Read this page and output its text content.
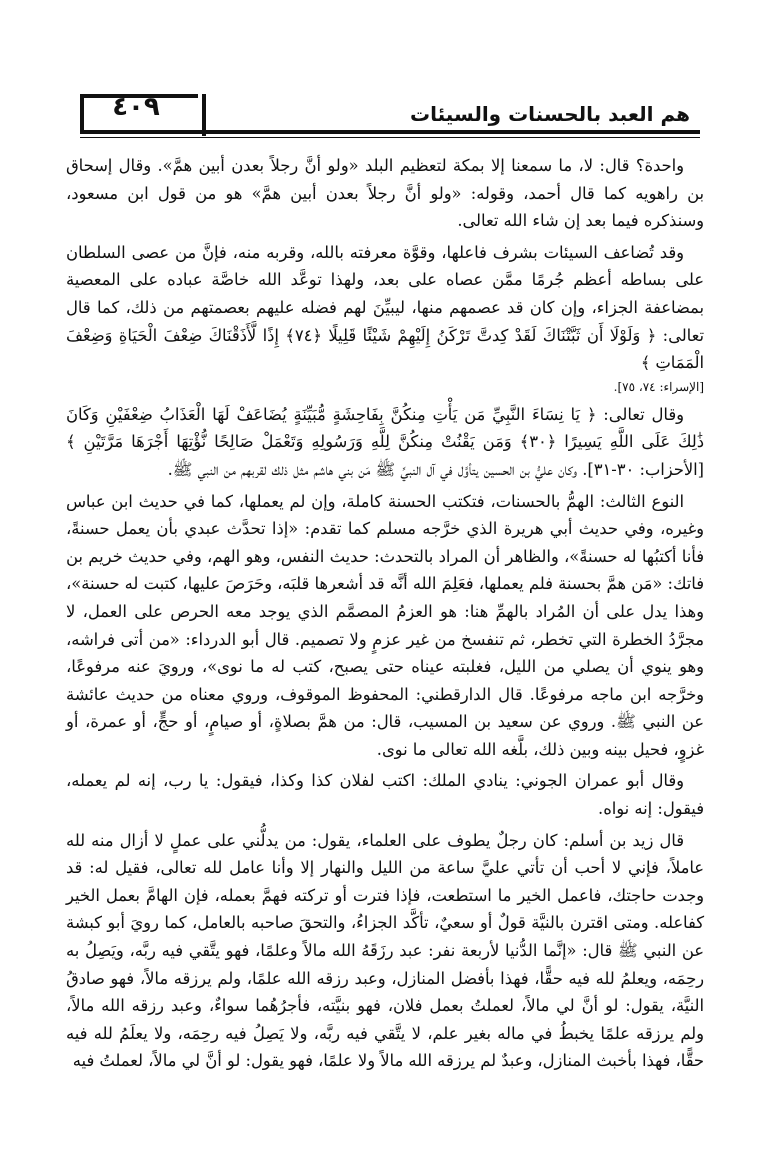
٤٠٩	هم العبد بالحسنات والسيئات

واحدة؟ قال: لا، ما سمعنا إلا بمكة لتعظيم البلد «ولو أنَّ رجلاً بعدن أبين همَّ». وقال إسحاق بن راهويه كما قال أحمد، وقوله: «ولو أنَّ رجلاً بعدن أبين همَّ» هو من قول ابن مسعود، وسنذكره فيما بعد إن شاء الله تعالى.

وقد تُضاعف السيئات بشرف فاعلها، وقوَّة معرفته بالله، وقربه منه، فإنَّ من عصى السلطان على بساطه أعظم جُرمًا ممَّن عصاه على بعد، ولهذا توعَّد الله خاصَّة عباده على المعصية بمضاعفة الجزاء، وإن كان قد عصمهم منها، ليبيِّنَ لهم فضله عليهم بعصمتهم من ذلك، كما قال تعالى: ﴿ وَلَوْلَا أَن ثَبَّتْنَاكَ لَقَدْ كِدتَّ تَرْكَنُ إِلَيْهِمْ شَيْئًا قَلِيلًا ﴿٧٤﴾ إِذًا لَّأَذَقْنَاكَ ضِعْفَ الْحَيَاةِ وَضِعْفَ الْمَمَاتِ ﴾

[الإسراء: ٧٤، ٧٥].

وقال تعالى: ﴿ يَا نِسَاءَ النَّبِيِّ مَن يَأْتِ مِنكُنَّ بِفَاحِشَةٍ مُّبَيِّنَةٍ يُضَاعَفْ لَهَا الْعَذَابُ ضِعْفَيْنِ وَكَانَ ذَٰلِكَ عَلَى اللَّهِ يَسِيرًا ﴿٣٠﴾ وَمَن يَقْنُتْ مِنكُنَّ لِلَّهِ وَرَسُولِهِ وَتَعْمَلْ صَالِحًا نُّؤْتِهَا أَجْرَهَا مَرَّتَيْنِ ﴾ [الأحزاب: ٣٠-٣١]. وكان عليُّ بن الحسين يتأوَّل في آل النبيِّ ﷺ مَن بني هاشم مثل ذلك لقربهم من النبي ﷺ.

النوع الثالث: الهمُّ بالحسنات، فتكتب الحسنة كاملة، وإن لم يعملها، كما في حديث ابن عباس وغيره، وفي حديث أبي هريرة الذي خرَّجه مسلم كما تقدم: «إذا تحدَّث عبدي بأن يعمل حسنةً، فأنا أكتبُها له حسنةً»، والظاهر أن المراد بالتحدث: حديث النفس، وهو الهم، وفي حديث خريم بن فاتك: «مَن همَّ بحسنة فلم يعملها، فعَلِمَ الله أنَّه قد أشعرها قلبَه، وحَرَصَ عليها، كتبت له حسنة»، وهذا يدل على أن المُراد بالهمِّ هنا: هو العزمُ المصمَّم الذي يوجد معه الحرص على العمل، لا مجرَّدُ الخطرة التي تخطر، ثم تنفسخ من غير عزمٍ ولا تصميم. قال أبو الدرداء: «من أتى فراشه، وهو ينوي أن يصلي من الليل، فغلبته عيناه حتى يصبح، كتب له ما نوى»، ورويَ عنه مرفوعًا، وخرَّجه ابن ماجه مرفوعًا. قال الدارقطني: المحفوظ الموقوف، وروي معناه من حديث عائشة عن النبي ﷺ. وروي عن سعيد بن المسيب، قال: من همَّ بصلاةٍ، أو صيامٍ، أو حجٍّ، أو عمرة، أو غزوٍ، فحيل بينه وبين ذلك، بلَّغه الله تعالى ما نوى.

وقال أبو عمران الجوني: ينادي الملك: اكتب لفلان كذا وكذا، فيقول: يا رب، إنه لم يعمله، فيقول: إنه نواه.

قال زيد بن أسلم: كان رجلٌ يطوف على العلماء، يقول: من يدلُّني على عملٍ لا أزال منه لله عاملاً، فإني لا أحب أن تأتي عليَّ ساعة من الليل والنهار إلا وأنا عامل لله تعالى، فقيل له: قد وجدت حاجتك، فاعمل الخير ما استطعت، فإذا فترت أو تركته فهمَّ بعمله، فإن الهامَّ بعمل الخير كفاعله. ومتى اقترن بالنيَّة قولٌ أو سعيٌ، تأكَّد الجزاءُ، والتحقَ صاحبه بالعامل، كما رويَ أبو كبشة عن النبي ﷺ قال: «إنَّما الدُّنيا لأربعة نفر: عبد رزَقَهُ الله مالاً وعلمًا، فهو يتَّقي فيه ربَّه، ويَصِلُ به رحِمَه، ويعلمُ لله فيه حقًّا، فهذا بأفضل المنازل، وعبد رزقه الله علمًا، ولم يرزقه مالاً، فهو صادقُ النيَّة، يقول: لو أنَّ لي مالاً، لعملتُ بعمل فلان، فهو بنيَّته، فأجرُهُما سواءٌ، وعبد رزقه الله مالاً، ولم يرزقه علمًا يخبطُ في ماله بغير علم، لا يتَّقي فيه ربَّه، ولا يَصِلُ فيه رحِمَه، ولا يعلَمُ لله فيه حقًّا، فهذا بأخبث المنازل، وعبدٌ لم يرزقه الله مالاً ولا علمًا، فهو يقول: لو أنَّ لي مالاً، لعملتُ فيه
